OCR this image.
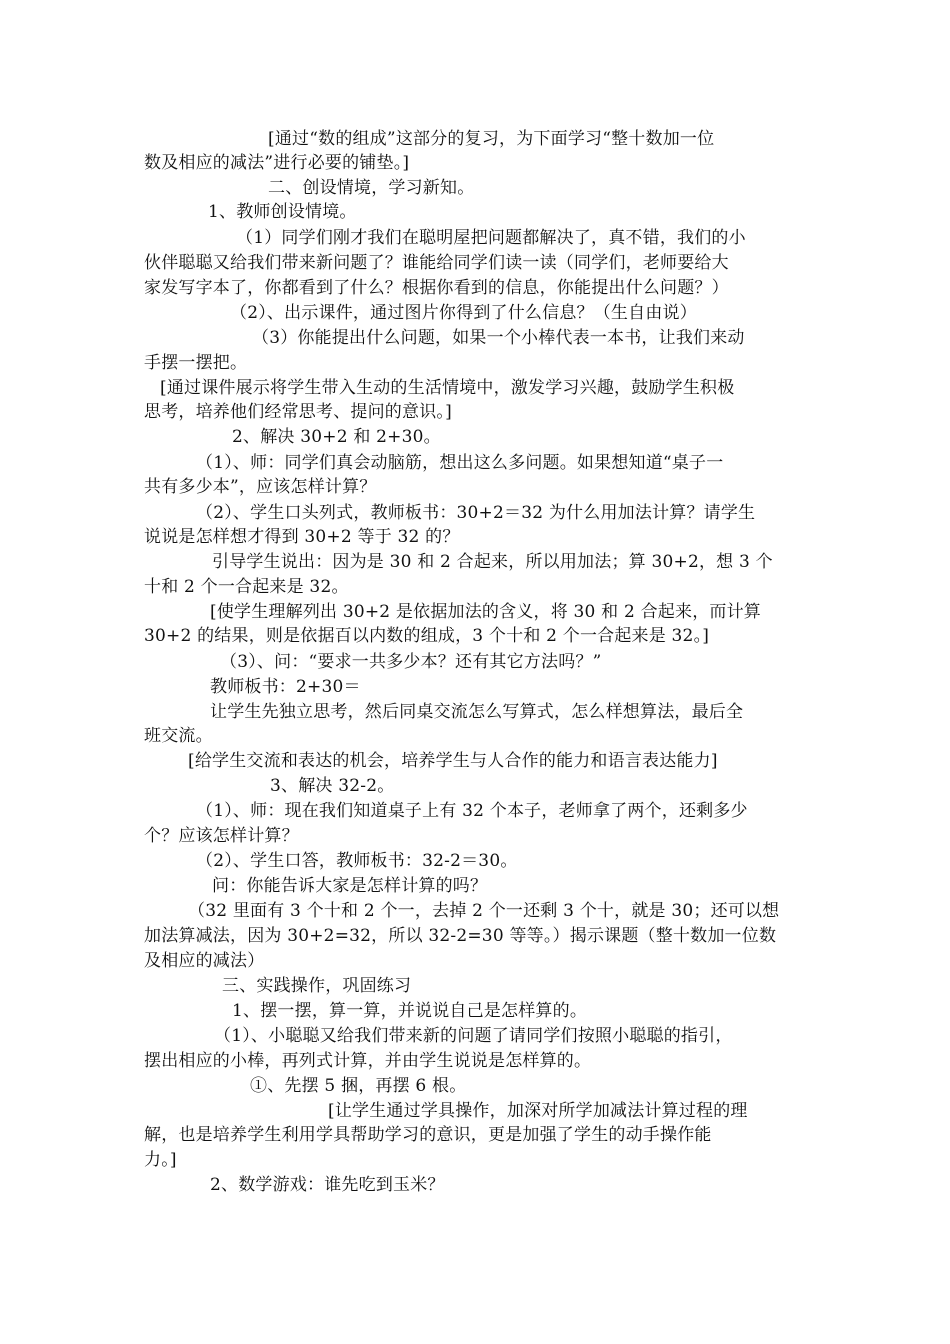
[通过“数的组成”这部分的复习，为下面学习“整十数加一位
数及相应的减法”进行必要的铺垫。]
二、创设情境，学习新知。
1、教师创设情境。
（1）同学们刚才我们在聪明屋把问题都解决了，真不错，我们的小
伙伴聪聪又给我们带来新问题了？谁能给同学们读一读（同学们，老师要给大
家发写字本了，你都看到了什么？根据你看到的信息，你能提出什么问题？）
（2）、出示课件，通过图片你得到了什么信息？（生自由说）
（3）你能提出什么问题，如果一个小棒代表一本书，让我们来动
手摆一摆把。
[通过课件展示将学生带入生动的生活情境中，激发学习兴趣，鼓励学生积极
思考，培养他们经常思考、提问的意识。]
2、解决 30+2 和 2+30。
（1）、师：同学们真会动脑筋，想出这么多问题。如果想知道“桌子一
共有多少本”，应该怎样计算？
（2）、学生口头列式，教师板书：30+2＝32 为什么用加法计算？请学生
说说是怎样想才得到 30+2 等于 32 的？
引导学生说出：因为是 30 和 2 合起来，所以用加法；算 30+2，想 3 个
十和 2 个一合起来是 32。
[使学生理解列出 30+2 是依据加法的含义，将 30 和 2 合起来，而计算
30+2 的结果，则是依据百以内数的组成，3 个十和 2 个一合起来是 32。]
（3）、问：“要求一共多少本？还有其它方法吗？”
教师板书：2+30＝
让学生先独立思考，然后同桌交流怎么写算式，怎么样想算法，最后全
班交流。
[给学生交流和表达的机会，培养学生与人合作的能力和语言表达能力]
3、解决 32-2。
（1）、师：现在我们知道桌子上有 32 个本子，老师拿了两个，还剩多少
个？应该怎样计算？
（2）、学生口答，教师板书：32-2＝30。
问：你能告诉大家是怎样计算的吗？
（32 里面有 3 个十和 2 个一，去掉 2 个一还剩 3 个十，就是 30；还可以想
加法算减法，因为 30+2=32，所以 32-2=30 等等。）揭示课题（整十数加一位数
及相应的减法）
三、实践操作，巩固练习
1、摆一摆，算一算，并说说自己是怎样算的。
（1）、小聪聪又给我们带来新的问题了请同学们按照小聪聪的指引，
摆出相应的小棒，再列式计算，并由学生说说是怎样算的。
①、先摆 5 捆，再摆 6 根。
[让学生通过学具操作，加深对所学加减法计算过程的理
解，也是培养学生利用学具帮助学习的意识，更是加强了学生的动手操作能
力。]
2、数学游戏：谁先吃到玉米？
